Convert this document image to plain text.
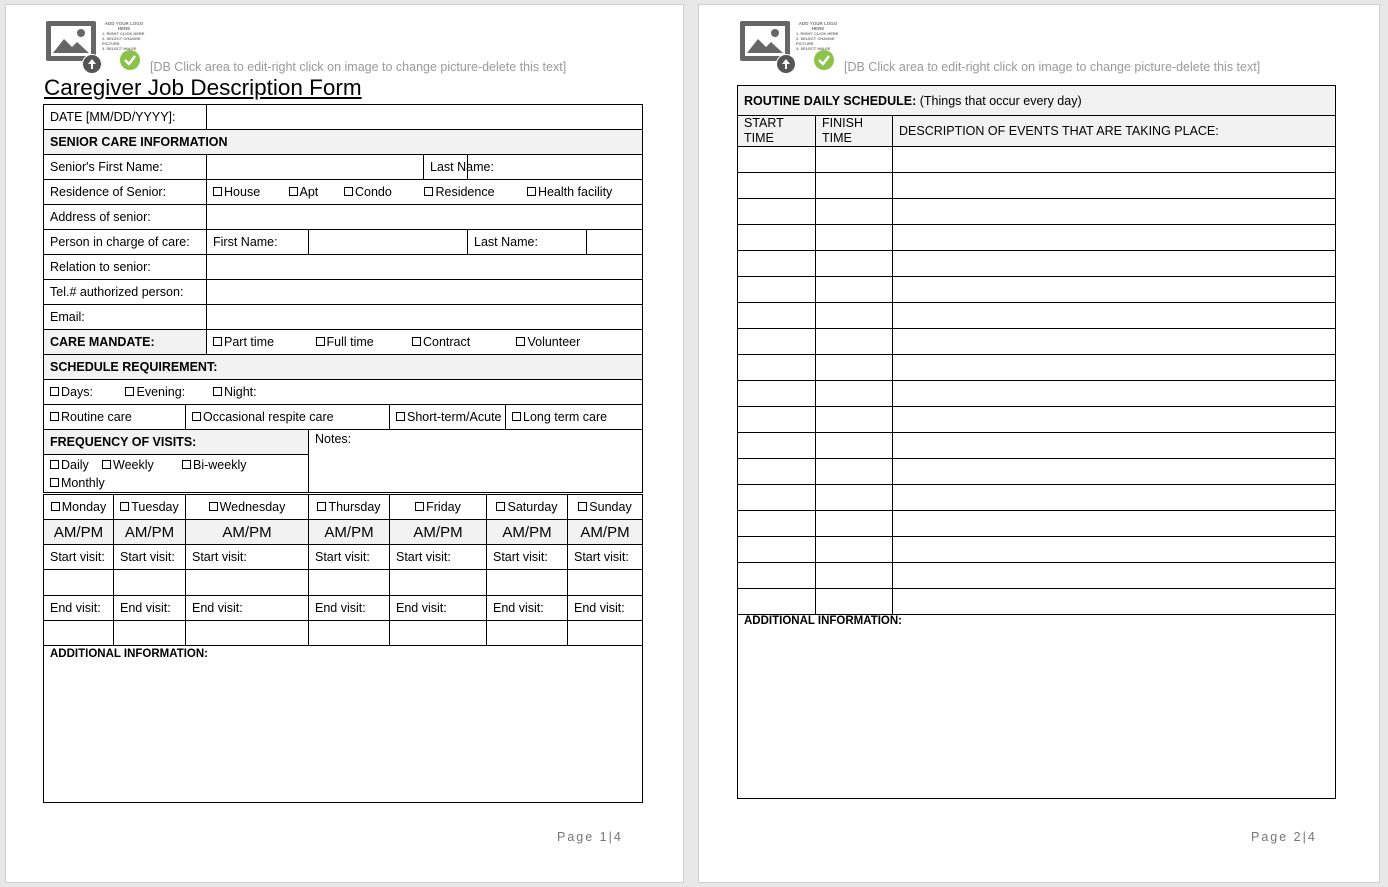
ADD YOUR LOGO
HERE
1. RIGHT CLICK HERE
2. SELECT CHANGE PICTURE
3. SELECT IMAGE
[DB Click area to edit-right click on image to change picture-delete this text]
Caregiver Job Description Form
DATE [MM/DD/YYYY]:								
SENIOR CARE INFORMATION								
Senior's First Name:					Last Name:			
Residence of Senior:		House Apt Condo Residence Health facility						
Address of senior:								
Person in charge of care:		First Name:				Last Name:		
Relation to senior:								
Tel.# authorized person:								
Email:								
CARE MANDATE:		Part time Full time Contract Volunteer						
SCHEDULE REQUIREMENT:								
Days: Evening: Night:								
Routine care	Occasional respite care			Short-term/Acute			Long term care	
FREQUENCY OF VISITS:			Notes:					
Daily Weekly Bi-weekly
Monthly								
Monday	Tuesday	Wednesday	Thursday	Friday	Saturday	Sunday
AM/PM	AM/PM	AM/PM	AM/PM	AM/PM	AM/PM	AM/PM
Start visit:	Start visit:	Start visit:	Start visit:	Start visit:	Start visit:	Start visit:

End visit:	End visit:	End visit:	End visit:	End visit:	End visit:	End visit:

ADDITIONAL INFORMATION:						
Page 1|4
ADD YOUR LOGO
HERE
1. RIGHT CLICK HERE
2. SELECT CHANGE PICTURE
3. SELECT IMAGE
[DB Click area to edit-right click on image to change picture-delete this text]
ROUTINE DAILY SCHEDULE: (Things that occur every day)		
START TIME	FINISH TIME	DESCRIPTION OF EVENTS THAT ARE TAKING PLACE:

ADDITIONAL INFORMATION:		
Page 2|4
